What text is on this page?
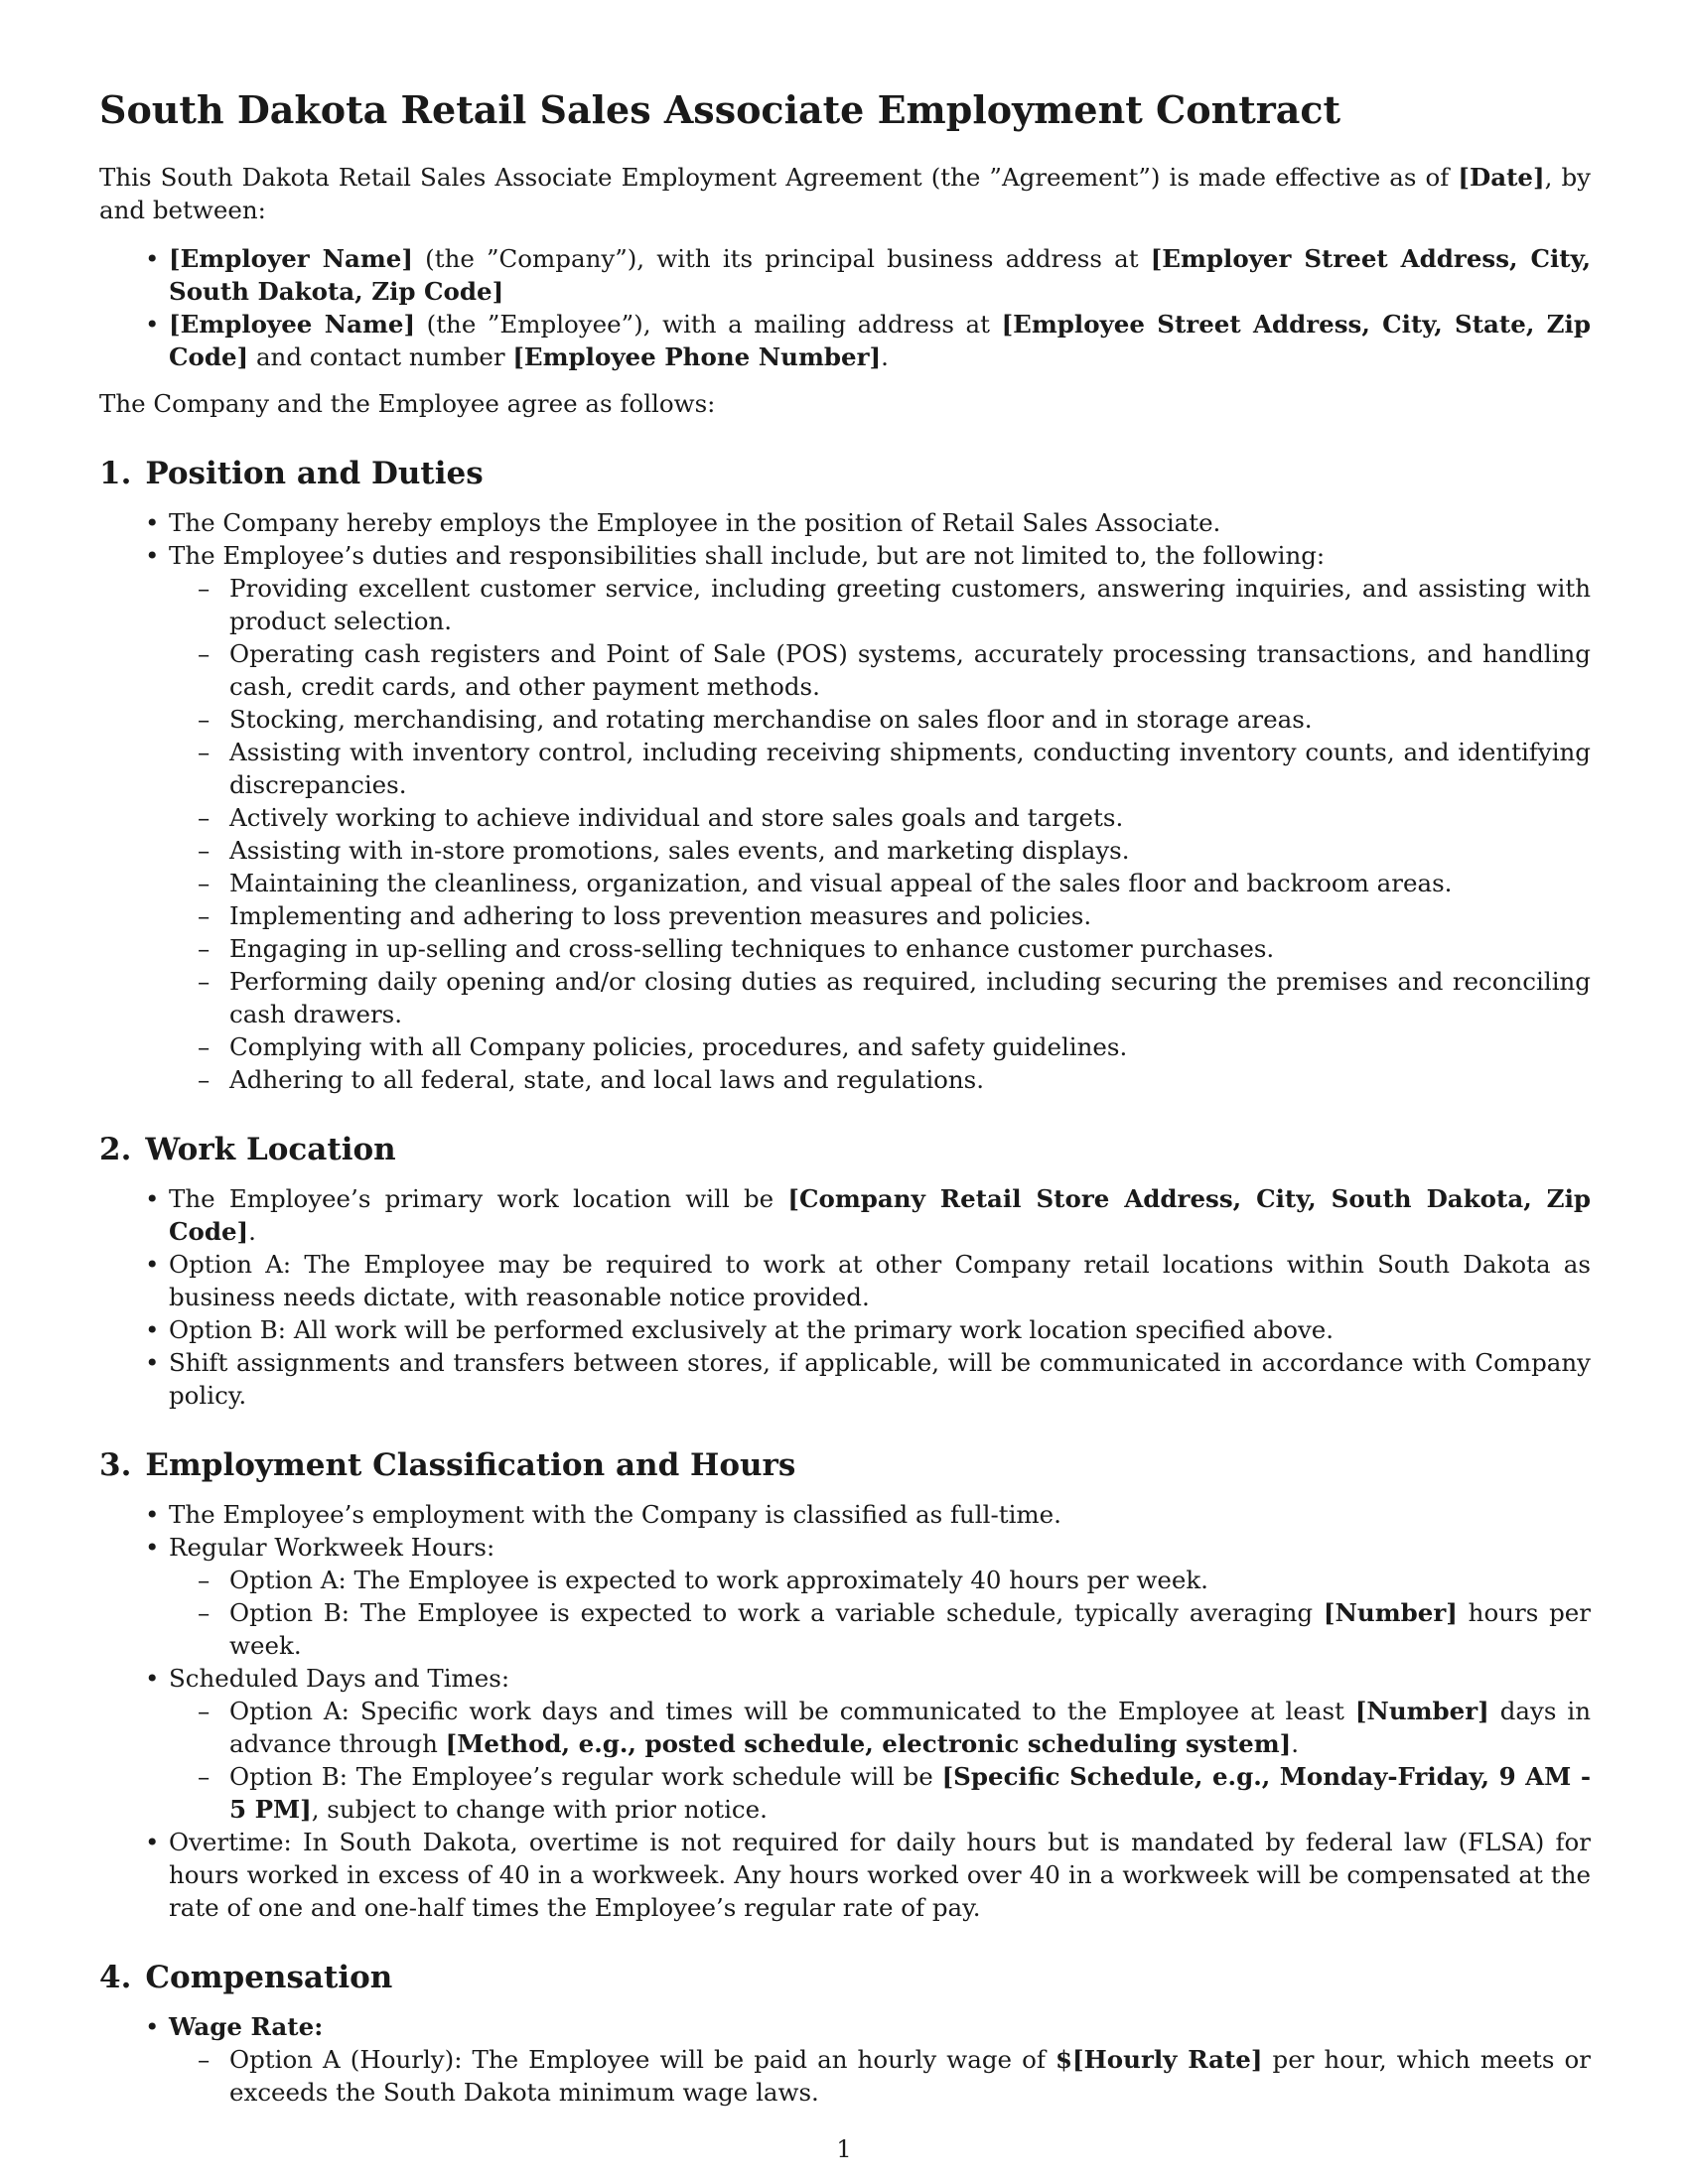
South Dakota Retail Sales Associate Employment Contract

This South Dakota Retail Sales Associate Employment Agreement (the ”Agreement”) is made effective as of [Date], by and between:

• [Employer Name] (the ”Company”), with its principal business address at [Employer Street Address, City, South Dakota, Zip Code]
• [Employee Name] (the ”Employee”), with a mailing address at [Employee Street Address, City, State, Zip Code] and contact number [Employee Phone Number].

The Company and the Employee agree as follows:

1. Position and Duties
• The Company hereby employs the Employee in the position of Retail Sales Associate.
• The Employee’s duties and responsibilities shall include, but are not limited to, the following:
– Providing excellent customer service, including greeting customers, answering inquiries, and assisting with product selection.
– Operating cash registers and Point of Sale (POS) systems, accurately processing transactions, and handling cash, credit cards, and other payment methods.
– Stocking, merchandising, and rotating merchandise on sales floor and in storage areas.
– Assisting with inventory control, including receiving shipments, conducting inventory counts, and identifying discrepancies.
– Actively working to achieve individual and store sales goals and targets.
– Assisting with in-store promotions, sales events, and marketing displays.
– Maintaining the cleanliness, organization, and visual appeal of the sales floor and backroom areas.
– Implementing and adhering to loss prevention measures and policies.
– Engaging in up-selling and cross-selling techniques to enhance customer purchases.
– Performing daily opening and/or closing duties as required, including securing the premises and reconciling cash drawers.
– Complying with all Company policies, procedures, and safety guidelines.
– Adhering to all federal, state, and local laws and regulations.
2. Work Location
• The Employee’s primary work location will be [Company Retail Store Address, City, South Dakota, Zip Code].
• Option A: The Employee may be required to work at other Company retail locations within South Dakota as business needs dictate, with reasonable notice provided.
• Option B: All work will be performed exclusively at the primary work location specified above.
• Shift assignments and transfers between stores, if applicable, will be communicated in accordance with Company policy.
3. Employment Classification and Hours
• The Employee’s employment with the Company is classified as full-time.
• Regular Workweek Hours:
– Option A: The Employee is expected to work approximately 40 hours per week.
– Option B: The Employee is expected to work a variable schedule, typically averaging [Number] hours per week.
• Scheduled Days and Times:
– Option A: Specific work days and times will be communicated to the Employee at least [Number] days in advance through [Method, e.g., posted schedule, electronic scheduling system].
– Option B: The Employee’s regular work schedule will be [Specific Schedule, e.g., Monday-Friday, 9 AM - 5 PM], subject to change with prior notice.
• Overtime: In South Dakota, overtime is not required for daily hours but is mandated by federal law (FLSA) for hours worked in excess of 40 in a workweek. Any hours worked over 40 in a workweek will be compensated at the rate of one and one-half times the Employee’s regular rate of pay.
4. Compensation
• Wage Rate:
– Option A (Hourly): The Employee will be paid an hourly wage of $[Hourly Rate] per hour, which meets or exceeds the South Dakota minimum wage laws.
1
